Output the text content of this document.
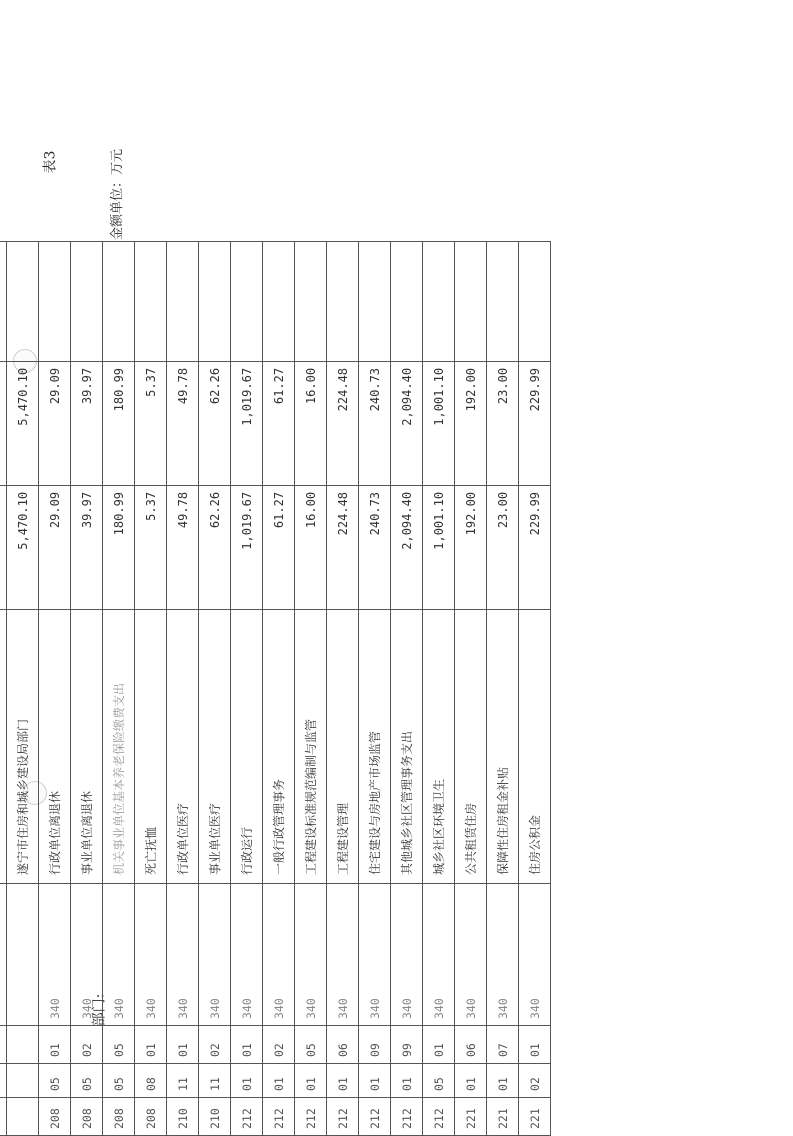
表3	金额单位：万元
部门:

				遂宁市住房和城乡建设局部门	5,470.10	5,470.10	
208	05	01	340	行政单位离退休	29.09	29.09	
208	05	02	340	事业单位离退休	39.97	39.97	
208	05	05	340	机关事业单位基本养老保险缴费支出	180.99	180.99	
208	08	01	340	死亡抚恤	5.37	5.37	
210	11	01	340	行政单位医疗	49.78	49.78	
210	11	02	340	事业单位医疗	62.26	62.26	
212	01	01	340	行政运行	1,019.67	1,019.67	
212	01	02	340	一般行政管理事务	61.27	61.27	
212	01	05	340	工程建设标准规范编制与监管	16.00	16.00	
212	01	06	340	工程建设管理	224.48	224.48	
212	01	09	340	住宅建设与房地产市场监管	240.73	240.73	
212	01	99	340	其他城乡社区管理事务支出	2,094.40	2,094.40	
212	05	01	340	城乡社区环境卫生	1,001.10	1,001.10	
221	01	06	340	公共租赁住房	192.00	192.00	
221	01	07	340	保障性住房租金补贴	23.00	23.00	
221	02	01	340	住房公积金	229.99	229.99	
